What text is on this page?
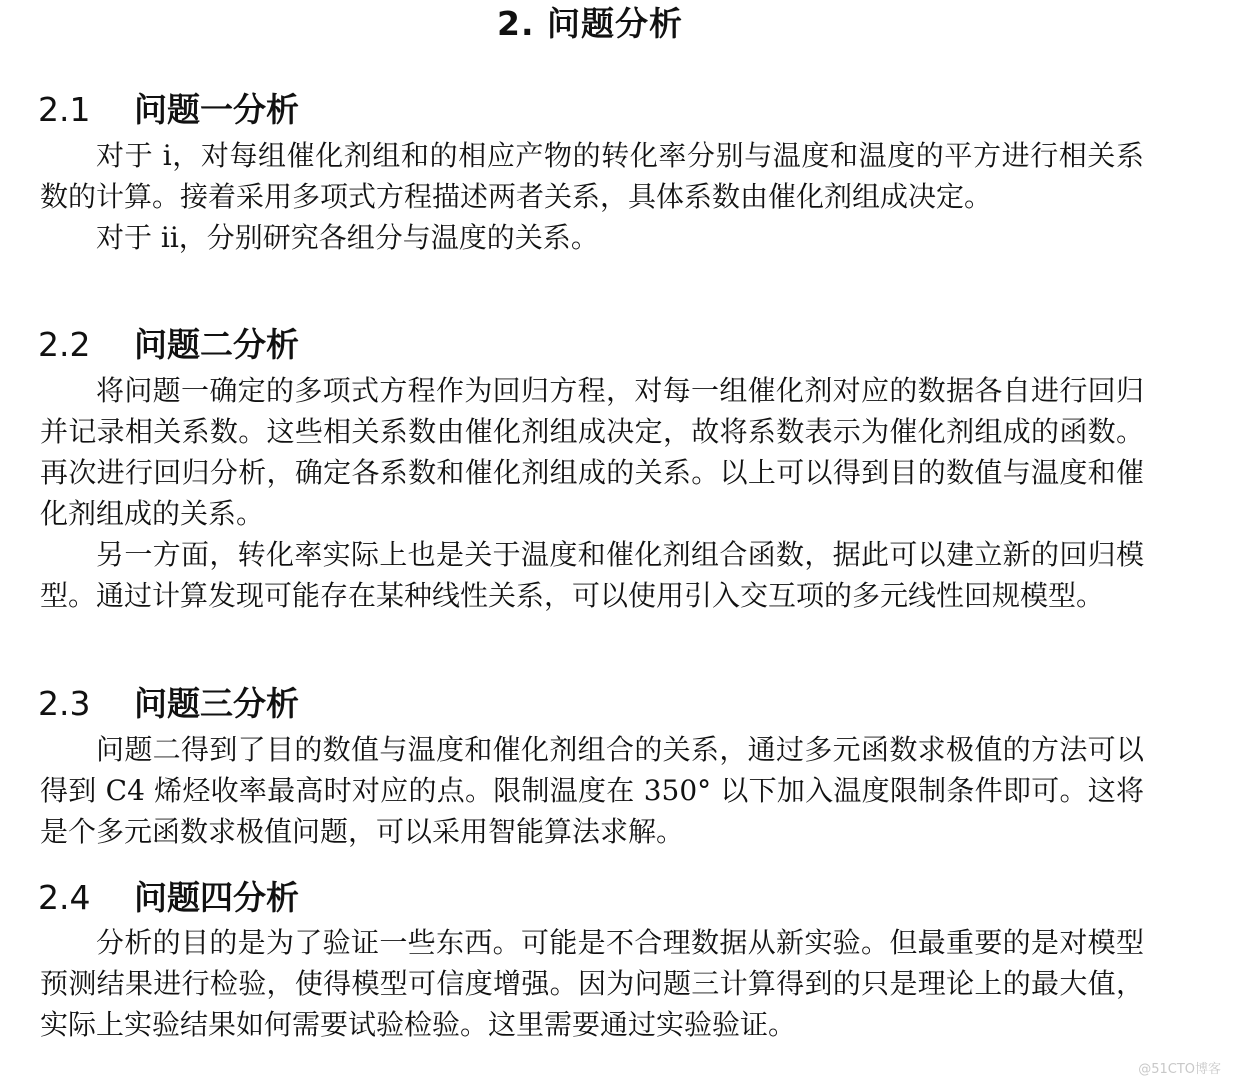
2. 问题分析
2.1 问题一分析

对于 i，对每组催化剂组和的相应产物的转化率分别与温度和温度的平方进行相关系数的计算。接着采用多项式方程描述两者关系，具体系数由催化剂组成决定。

对于 ii，分别研究各组分与温度的关系。

2.2 问题二分析

将问题一确定的多项式方程作为回归方程，对每一组催化剂对应的数据各自进行回归并记录相关系数。这些相关系数由催化剂组成决定，故将系数表示为催化剂组成的函数。再次进行回归分析，确定各系数和催化剂组成的关系。以上可以得到目的数值与温度和催化剂组成的关系。

另一方面，转化率实际上也是关于温度和催化剂组合函数，据此可以建立新的回归模型。通过计算发现可能存在某种线性关系，可以使用引入交互项的多元线性回规模型。

2.3 问题三分析

问题二得到了目的数值与温度和催化剂组合的关系，通过多元函数求极值的方法可以得到 C4 烯烃收率最高时对应的点。限制温度在 350° 以下加入温度限制条件即可。这将是个多元函数求极值问题，可以采用智能算法求解。

2.4 问题四分析

分析的目的是为了验证一些东西。可能是不合理数据从新实验。但最重要的是对模型预测结果进行检验，使得模型可信度增强。因为问题三计算得到的只是理论上的最大值，实际上实验结果如何需要试验检验。这里需要通过实验验证。

@51CTO博客
